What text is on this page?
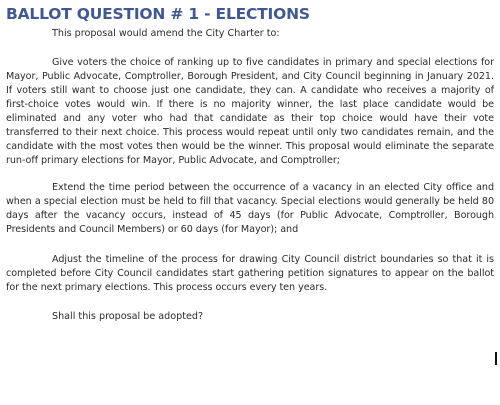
BALLOT QUESTION # 1 - ELECTIONS

This proposal would amend the City Charter to:

Give voters the choice of ranking up to five candidates in primary and special elections for Mayor, Public Advocate, Comptroller, Borough President, and City Council beginning in January 2021. If voters still want to choose just one candidate, they can. A candidate who receives a majority of first-choice votes would win. If there is no majority winner, the last place candidate would be eliminated and any voter who had that candidate as their top choice would have their vote transferred to their next choice. This process would repeat until only two candidates remain, and the candidate with the most votes then would be the winner. This proposal would eliminate the separate run-off primary elections for Mayor, Public Advocate, and Comptroller;

Extend the time period between the occurrence of a vacancy in an elected City office and when a special election must be held to fill that vacancy. Special elections would generally be held 80 days after the vacancy occurs, instead of 45 days (for Public Advocate, Comptroller, Borough Presidents and Council Members) or 60 days (for Mayor); and

Adjust the timeline of the process for drawing City Council district boundaries so that it is completed before City Council candidates start gathering petition signatures to appear on the ballot for the next primary elections. This process occurs every ten years.

Shall this proposal be adopted?
